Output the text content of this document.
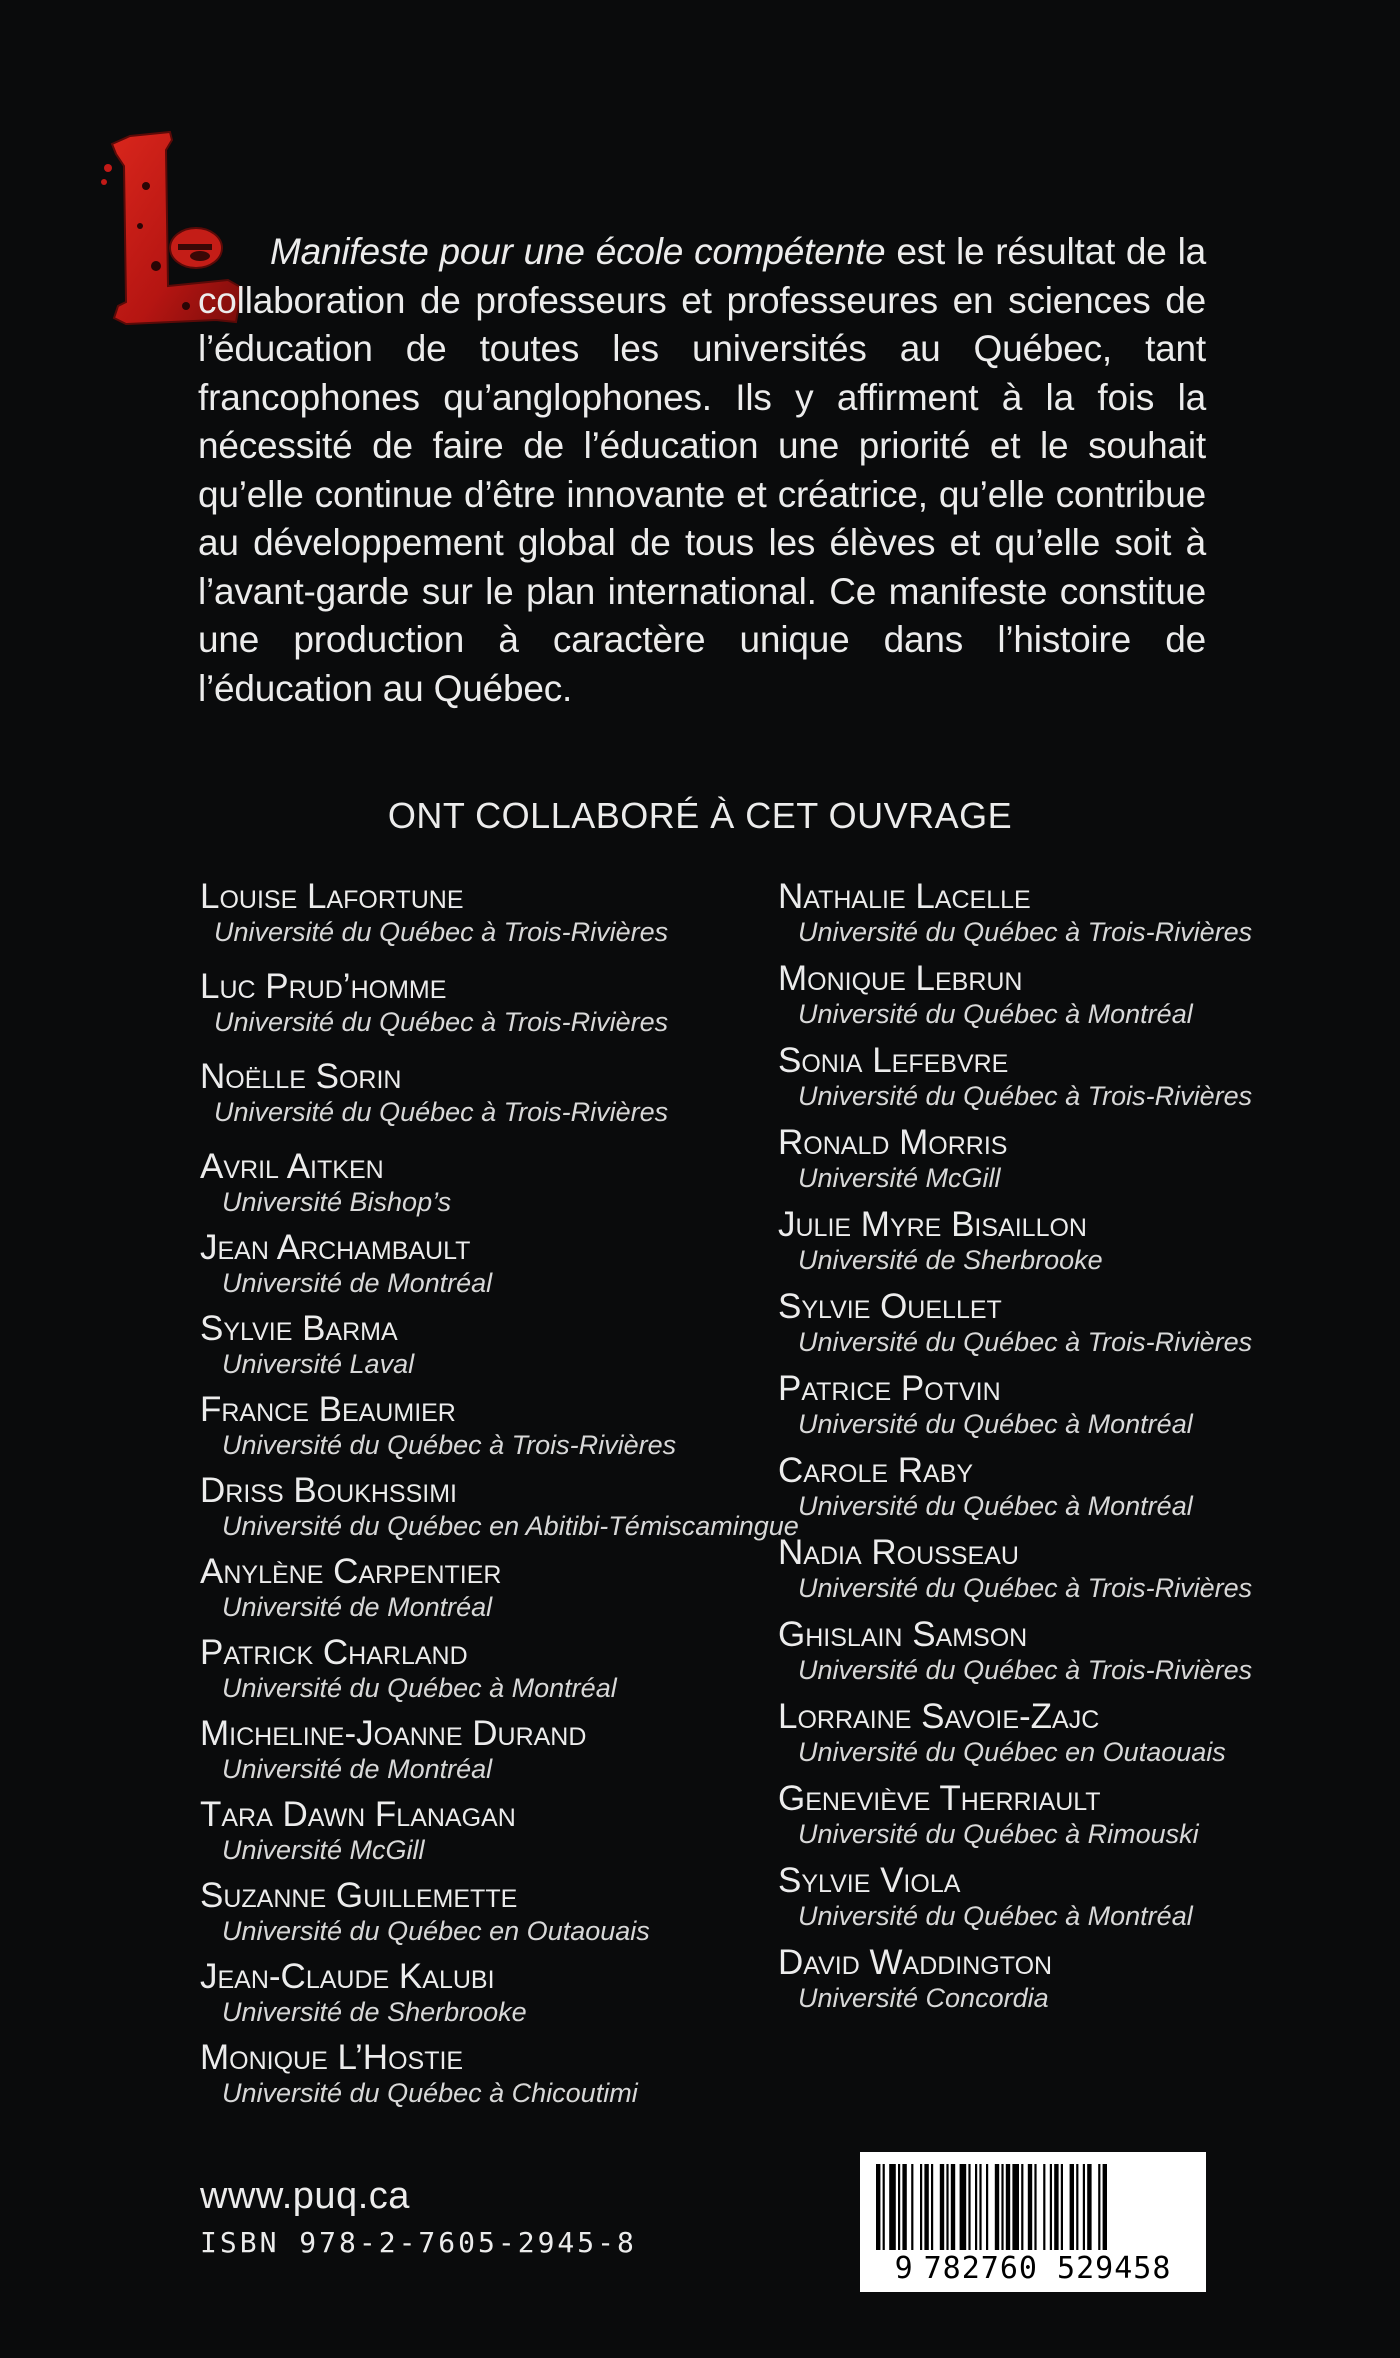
Manifeste pour une école compétente est le résultat de la collaboration de professeurs et professeures en sciences de l’éducation de toutes les universités au Québec, tant francophones qu’anglophones. Ils y affirment à la fois la nécessité de faire de l’éducation une priorité et le souhait qu’elle continue d’être innovante et créatrice, qu’elle contribue au développement global de tous les élèves et qu’elle soit à l’avant-garde sur le plan international. Ce manifeste constitue une production à caractère unique dans l’histoire de l’éducation au Québec.
ONT COLLABORÉ À CET OUVRAGE
Louise Lafortune
Université du Québec à Trois-Rivières
Luc Prud’homme
Université du Québec à Trois-Rivières
Noëlle Sorin
Université du Québec à Trois-Rivières
Avril Aitken
Université Bishop’s
Jean Archambault
Université de Montréal
Sylvie Barma
Université Laval
France Beaumier
Université du Québec à Trois-Rivières
Driss Boukhssimi
Université du Québec en Abitibi-Témiscamingue
Anylène Carpentier
Université de Montréal
Patrick Charland
Université du Québec à Montréal
Micheline-Joanne Durand
Université de Montréal
Tara Dawn Flanagan
Université McGill
Suzanne Guillemette
Université du Québec en Outaouais
Jean-Claude Kalubi
Université de Sherbrooke
Monique L’Hostie
Université du Québec à Chicoutimi
Nathalie Lacelle
Université du Québec à Trois-Rivières
Monique Lebrun
Université du Québec à Montréal
Sonia Lefebvre
Université du Québec à Trois-Rivières
Ronald Morris
Université McGill
Julie Myre Bisaillon
Université de Sherbrooke
Sylvie Ouellet
Université du Québec à Trois-Rivières
Patrice Potvin
Université du Québec à Montréal
Carole Raby
Université du Québec à Montréal
Nadia Rousseau
Université du Québec à Trois-Rivières
Ghislain Samson
Université du Québec à Trois-Rivières
Lorraine Savoie-Zajc
Université du Québec en Outaouais
Geneviève Therriault
Université du Québec à Rimouski
Sylvie Viola
Université du Québec à Montréal
David Waddington
Université Concordia
www.puq.ca
ISBN 978-2-7605-2945-8
9 782760 529458
